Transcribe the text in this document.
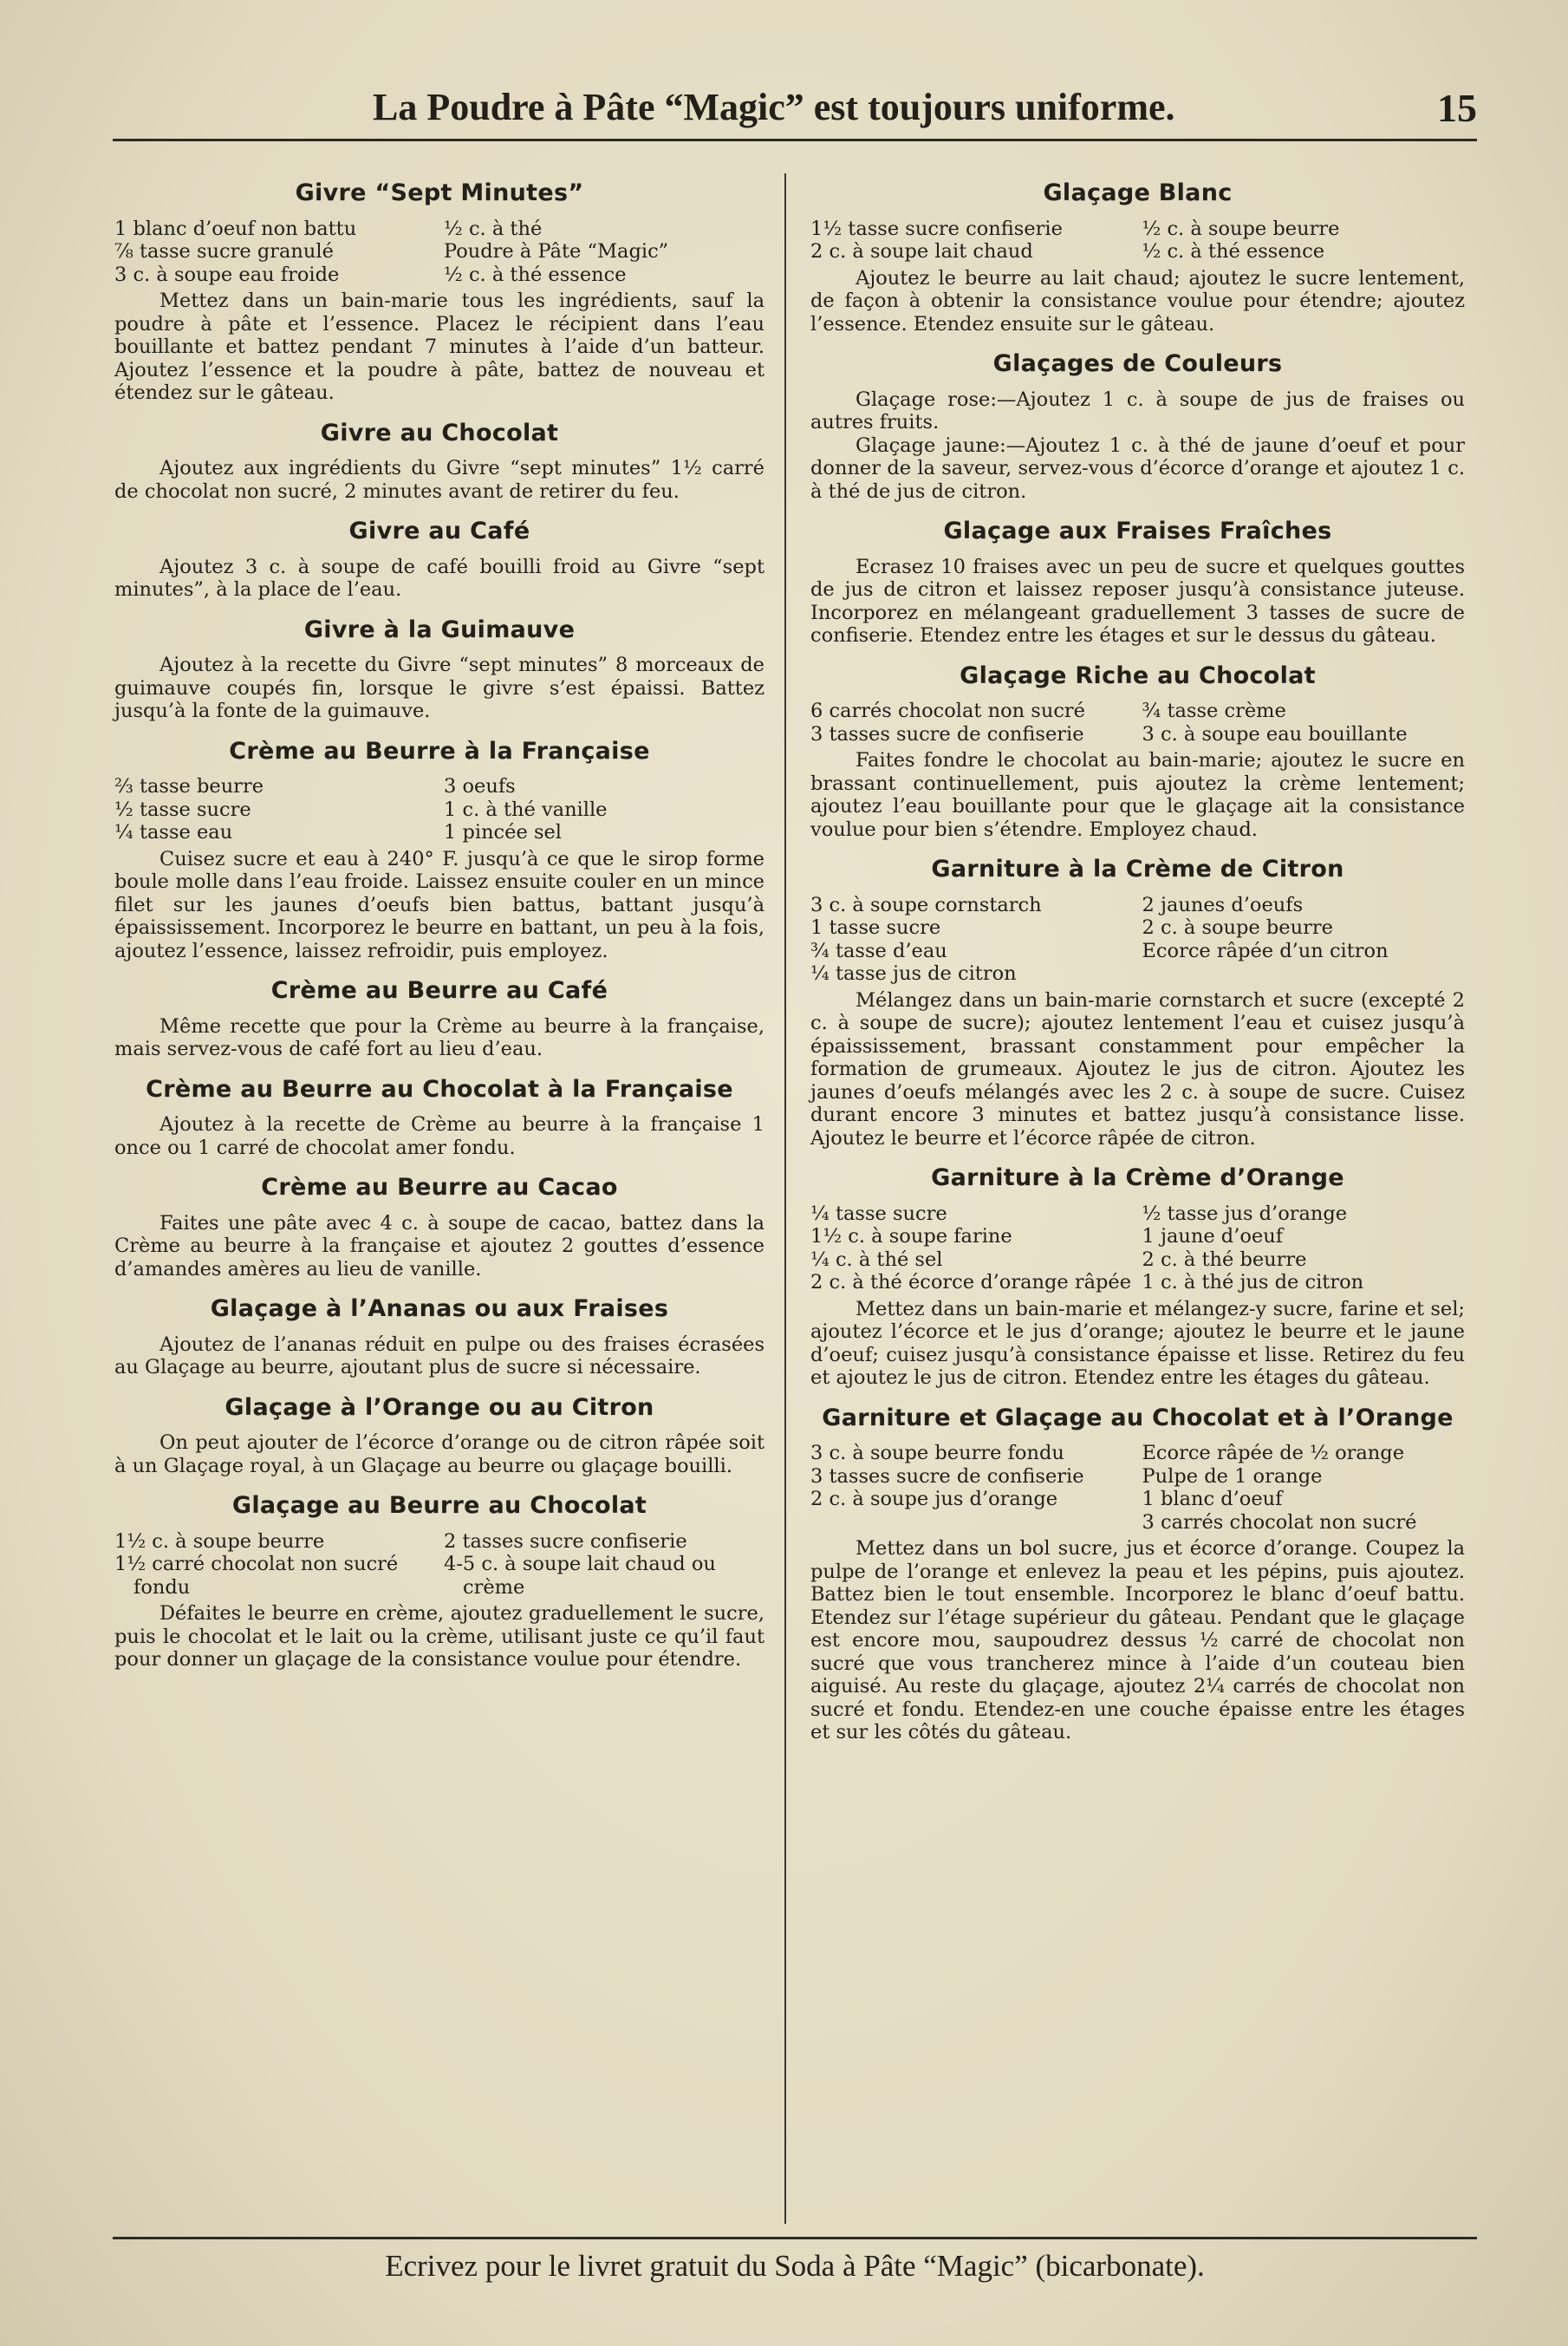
La Poudre à Pâte “Magic” est toujours uniforme.	15
Givre “Sept Minutes”
1 blanc d’oeuf non battu
⅞ tasse sucre granulé
3 c. à soupe eau froide
½ c. à thé
Poudre à Pâte “Magic”
½ c. à thé essence

Mettez dans un bain-marie tous les ingrédients, sauf la poudre à pâte et l’essence. Placez le récipient dans l’eau bouillante et battez pendant 7 minutes à l’aide d’un batteur. Ajoutez l’essence et la poudre à pâte, battez de nouveau et étendez sur le gâteau.

Givre au Chocolat

Ajoutez aux ingrédients du Givre “sept minutes” 1½ carré de chocolat non sucré, 2 minutes avant de retirer du feu.

Givre au Café

Ajoutez 3 c. à soupe de café bouilli froid au Givre “sept minutes”, à la place de l’eau.

Givre à la Guimauve

Ajoutez à la recette du Givre “sept minutes” 8 morceaux de guimauve coupés fin, lorsque le givre s’est épaissi. Battez jusqu’à la fonte de la guimauve.

Crème au Beurre à la Française
⅔ tasse beurre
½ tasse sucre
¼ tasse eau
3 oeufs
1 c. à thé vanille
1 pincée sel

Cuisez sucre et eau à 240° F. jusqu’à ce que le sirop forme boule molle dans l’eau froide. Laissez ensuite couler en un mince filet sur les jaunes d’oeufs bien battus, battant jusqu’à épaississement. Incorporez le beurre en battant, un peu à la fois, ajoutez l’essence, laissez refroidir, puis employez.

Crème au Beurre au Café

Même recette que pour la Crème au beurre à la française, mais servez-vous de café fort au lieu d’eau.

Crème au Beurre au Chocolat à la Française

Ajoutez à la recette de Crème au beurre à la française 1 once ou 1 carré de chocolat amer fondu.

Crème au Beurre au Cacao

Faites une pâte avec 4 c. à soupe de cacao, battez dans la Crème au beurre à la française et ajoutez 2 gouttes d’essence d’amandes amères au lieu de vanille.

Glaçage à l’Ananas ou aux Fraises

Ajoutez de l’ananas réduit en pulpe ou des fraises écrasées au Glaçage au beurre, ajoutant plus de sucre si nécessaire.

Glaçage à l’Orange ou au Citron

On peut ajouter de l’écorce d’orange ou de citron râpée soit à un Glaçage royal, à un Glaçage au beurre ou glaçage bouilli.

Glaçage au Beurre au Chocolat
1½ c. à soupe beurre
1½ carré chocolat non sucré fondu
2 tasses sucre confiserie
4-5 c. à soupe lait chaud ou crème

Défaites le beurre en crème, ajoutez graduellement le sucre, puis le chocolat et le lait ou la crème, utilisant juste ce qu’il faut pour donner un glaçage de la consistance voulue pour étendre.

Glaçage Blanc
1½ tasse sucre confiserie
2 c. à soupe lait chaud
½ c. à soupe beurre
½ c. à thé essence

Ajoutez le beurre au lait chaud; ajoutez le sucre lentement, de façon à obtenir la consistance voulue pour étendre; ajoutez l’essence. Etendez ensuite sur le gâteau.

Glaçages de Couleurs

Glaçage rose:—Ajoutez 1 c. à soupe de jus de fraises ou autres fruits.

Glaçage jaune:—Ajoutez 1 c. à thé de jaune d’oeuf et pour donner de la saveur, servez-vous d’écorce d’orange et ajoutez 1 c. à thé de jus de citron.

Glaçage aux Fraises Fraîches

Ecrasez 10 fraises avec un peu de sucre et quelques gouttes de jus de citron et laissez reposer jusqu’à consistance juteuse. Incorporez en mélangeant graduellement 3 tasses de sucre de confiserie. Etendez entre les étages et sur le dessus du gâteau.

Glaçage Riche au Chocolat
6 carrés chocolat non sucré
3 tasses sucre de confiserie
¾ tasse crème
3 c. à soupe eau bouillante

Faites fondre le chocolat au bain-marie; ajoutez le sucre en brassant continuellement, puis ajoutez la crème lentement; ajoutez l’eau bouillante pour que le glaçage ait la consistance voulue pour bien s’étendre. Employez chaud.

Garniture à la Crème de Citron
3 c. à soupe cornstarch
1 tasse sucre
¾ tasse d’eau
¼ tasse jus de citron
2 jaunes d’oeufs
2 c. à soupe beurre
Ecorce râpée d’un citron

Mélangez dans un bain-marie cornstarch et sucre (excepté 2 c. à soupe de sucre); ajoutez lentement l’eau et cuisez jusqu’à épaississement, brassant constamment pour empêcher la formation de grumeaux. Ajoutez le jus de citron. Ajoutez les jaunes d’oeufs mélangés avec les 2 c. à soupe de sucre. Cuisez durant encore 3 minutes et battez jusqu’à consistance lisse. Ajoutez le beurre et l’écorce râpée de citron.

Garniture à la Crème d’Orange
¼ tasse sucre
1½ c. à soupe farine
¼ c. à thé sel
2 c. à thé écorce d’orange râpée
½ tasse jus d’orange
1 jaune d’oeuf
2 c. à thé beurre
1 c. à thé jus de citron

Mettez dans un bain-marie et mélangez-y sucre, farine et sel; ajoutez l’écorce et le jus d’orange; ajoutez le beurre et le jaune d’oeuf; cuisez jusqu’à consistance épaisse et lisse. Retirez du feu et ajoutez le jus de citron. Etendez entre les étages du gâteau.

Garniture et Glaçage au Chocolat et à l’Orange
3 c. à soupe beurre fondu
3 tasses sucre de confiserie
2 c. à soupe jus d’orange
Ecorce râpée de ½ orange
Pulpe de 1 orange
1 blanc d’oeuf
3 carrés chocolat non sucré

Mettez dans un bol sucre, jus et écorce d’orange. Coupez la pulpe de l’orange et enlevez la peau et les pépins, puis ajoutez. Battez bien le tout ensemble. Incorporez le blanc d’oeuf battu. Etendez sur l’étage supérieur du gâteau. Pendant que le glaçage est encore mou, saupoudrez dessus ½ carré de chocolat non sucré que vous trancherez mince à l’aide d’un couteau bien aiguisé. Au reste du glaçage, ajoutez 2¼ carrés de chocolat non sucré et fondu. Etendez-en une couche épaisse entre les étages et sur les côtés du gâteau.

Ecrivez pour le livret gratuit du Soda à Pâte “Magic” (bicarbonate).
